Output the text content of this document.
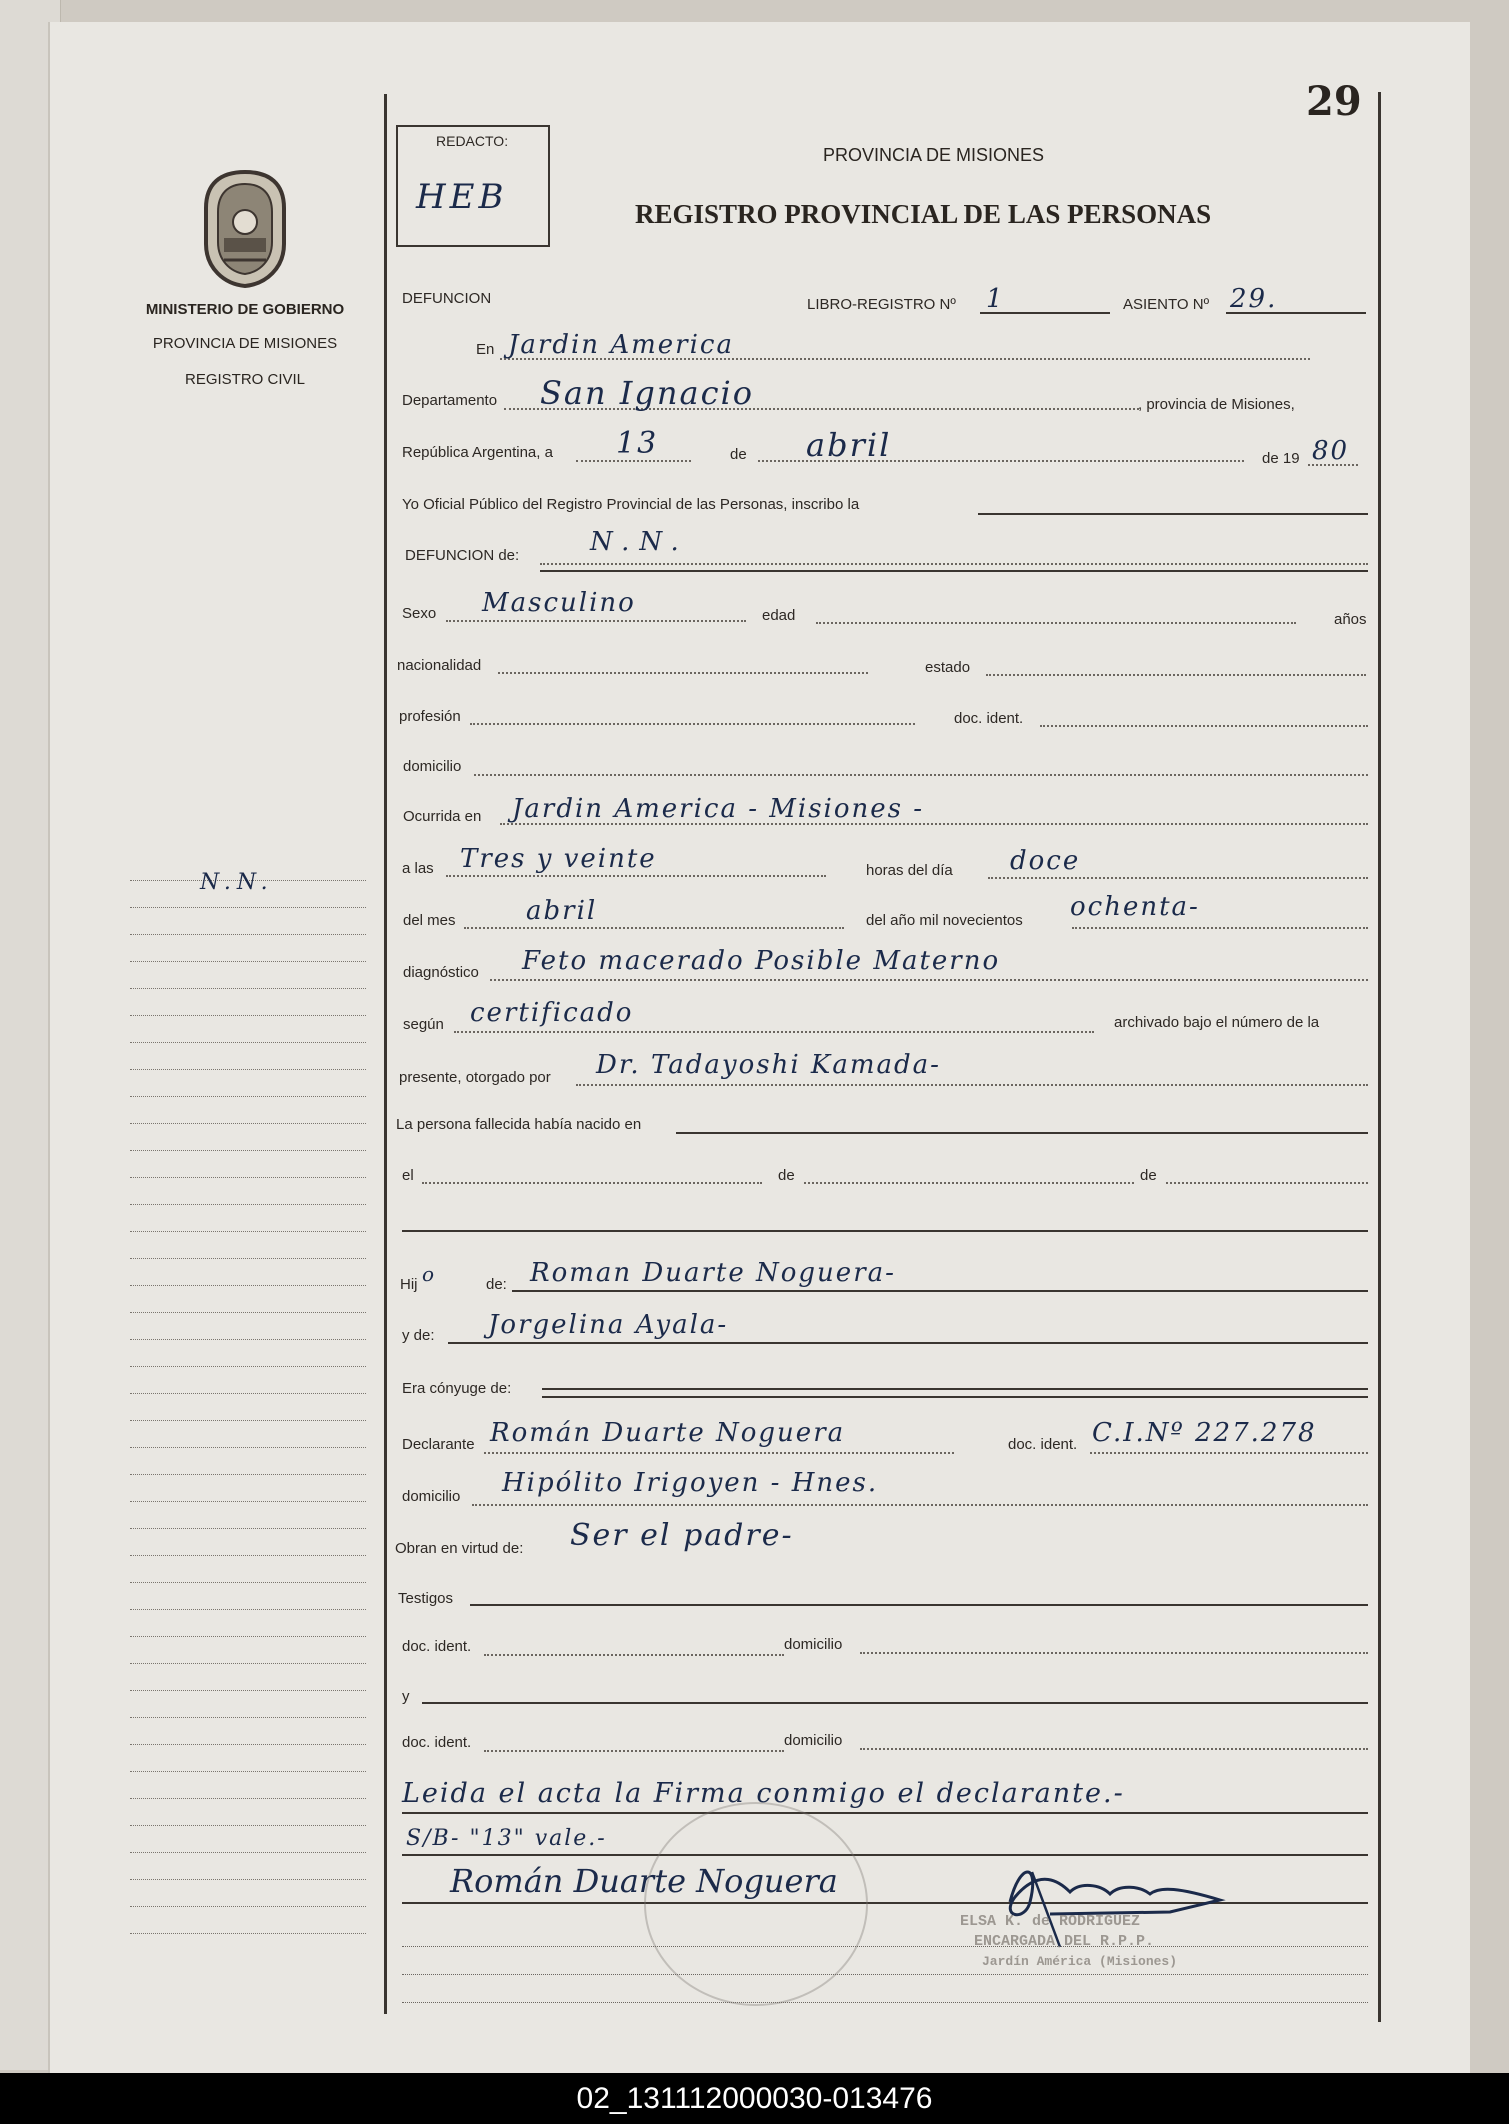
29
MINISTERIO DE GOBIERNO
PROVINCIA DE MISIONES
REGISTRO CIVIL
N.N.
REDACTO:
HEB
PROVINCIA DE MISIONES
REGISTRO PROVINCIAL DE LAS PERSONAS
DEFUNCION	LIBRO-REGISTRO Nº 1	ASIENTO Nº 29.
En Jardin America
Departamento San Ignacio	, provincia de Misiones,
República Argentina, a 13	de abril	de 19 80
Yo Oficial Público del Registro Provincial de las Personas, inscribo la
DEFUNCION de:	N.N.
Sexo Masculino	edad	años
nacionalidad	estado
profesión	doc. ident.
domicilio
Ocurrida en Jardin America - Misiones -
a las Tres y veinte	horas del día doce
del mes	abril	del año mil novecientos ochenta-
diagnóstico Feto macerado Posible Materno
según certificado	archivado bajo el número de la
presente, otorgado por Dr. Tadayoshi Kamada-
La persona fallecida había nacido en
el	de	de
Hij o	de: Roman Duarte Noguera-
y de: Jorgelina Ayala-
Era cónyuge de:
Declarante Román Duarte Noguera	doc. ident. C.I.Nº 227.278
domicilio Hipólito Irigoyen - Hnes.
Obran en virtud de: Ser el padre-
Testigos
doc. ident.	domicilio
y
doc. ident.	domicilio
Leida el acta la Firma conmigo el declarante.-
S/B- "13" vale.-
Román Duarte Noguera
ELSA K. de RODRIGUEZ
ENCARGADA DEL R.P.P.
Jardín América (Misiones)
02_131112000030-013476
